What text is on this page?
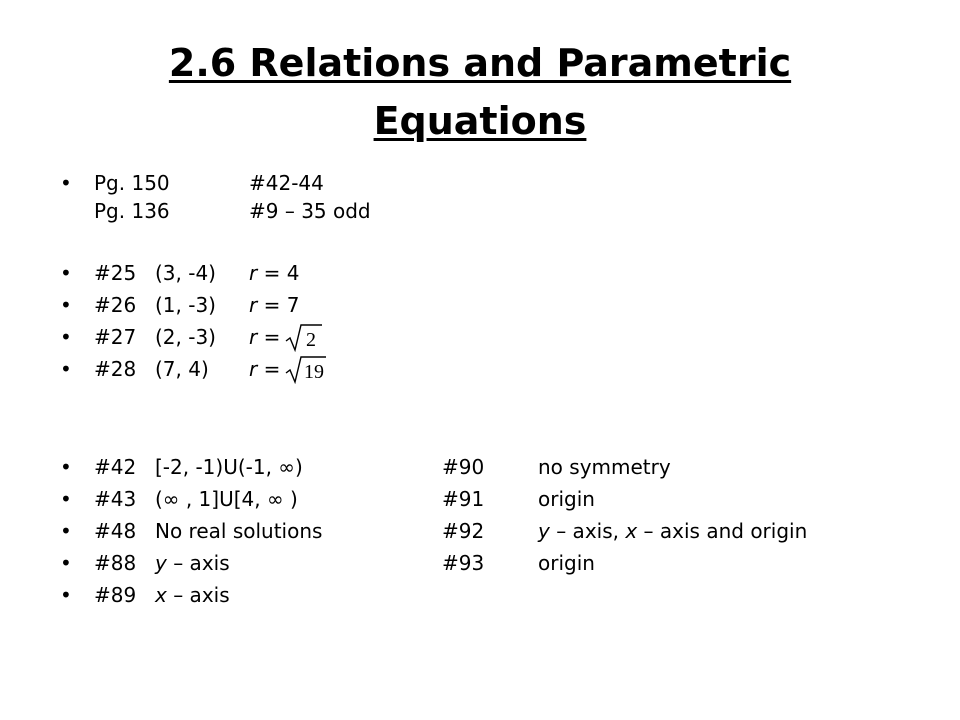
2.6 Relations and Parametric
Equations
• Pg. 150	#42-44
Pg. 136	#9 – 35 odd
• #25 (3, -4) r = 4
• #26 (1, -3) r = 7
• #27 (2, -3) r = 2
• #28 (7, 4) r = 19
• #42 [-2, -1)U(-1, ∞)	#90	no symmetry
• #43 (∞ , 1]U[4, ∞ )	#91	origin
• #48 No real solutions	#92	y – axis, x – axis and origin
• #88 y – axis	#93	origin
• #89 x – axis
